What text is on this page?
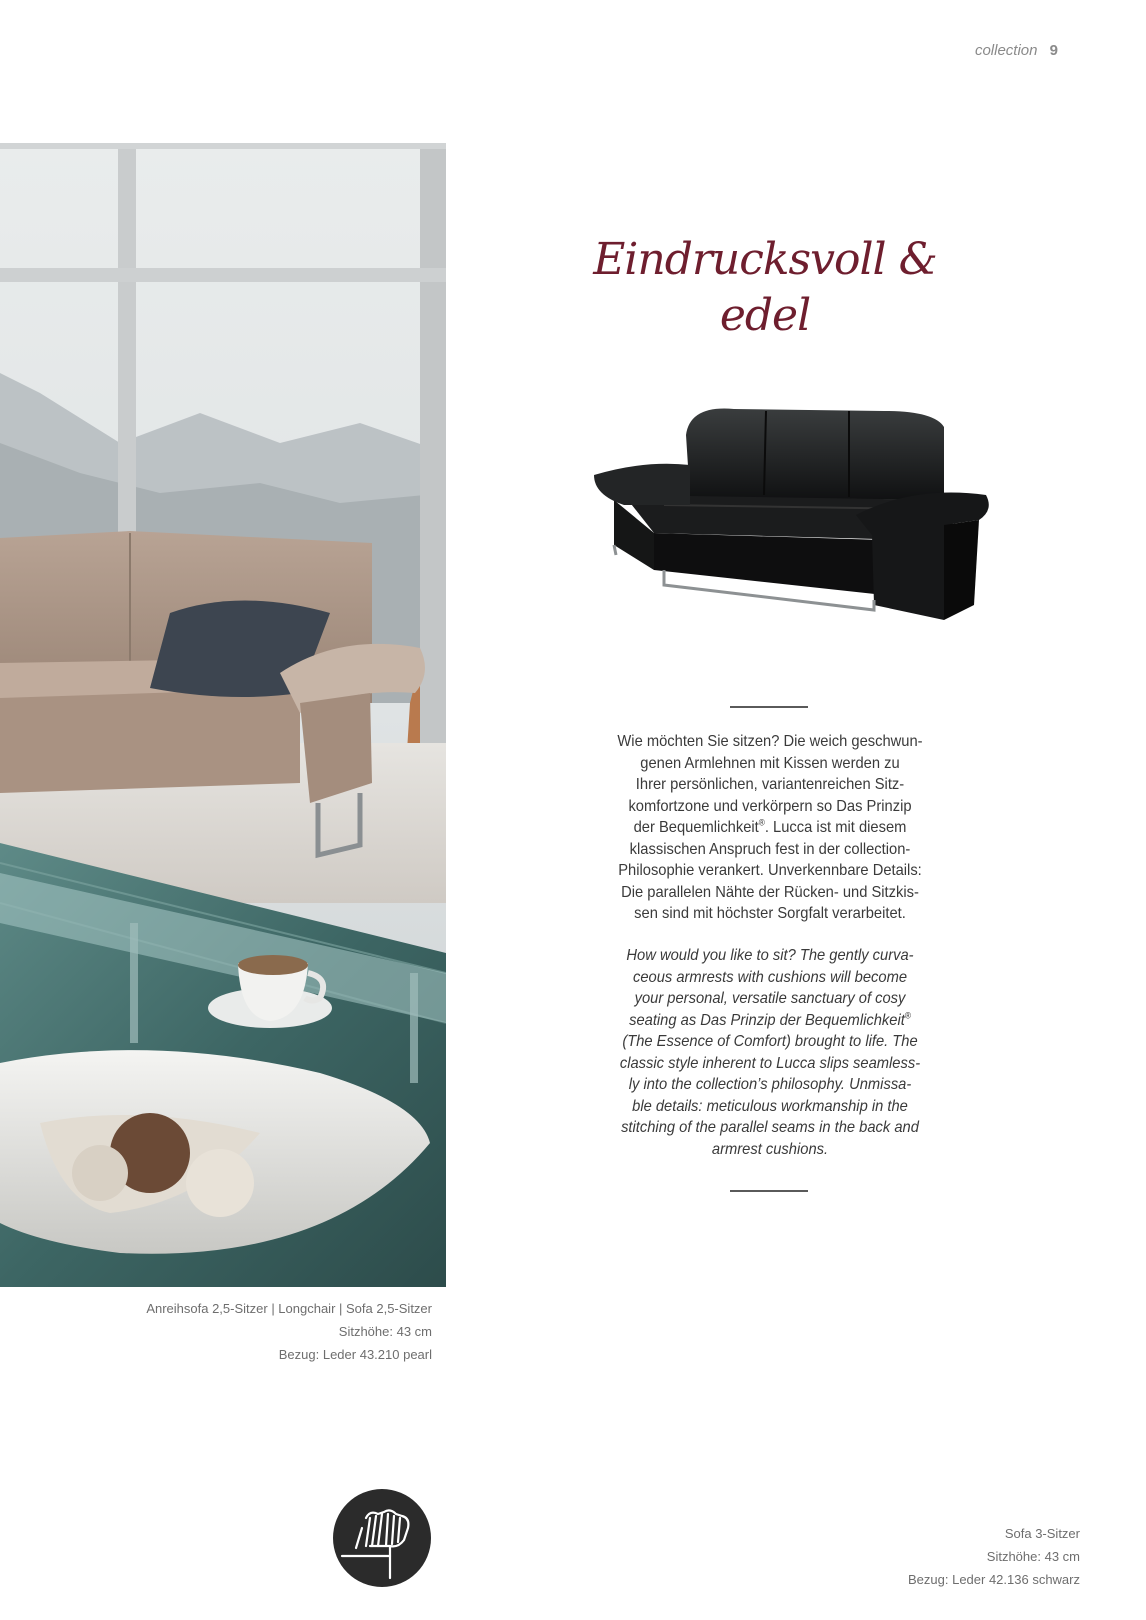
collection 9
Anreihsofa 2,5-Sitzer | Longchair | Sofa 2,5-Sitzer
Sitzhöhe: 43 cm
Bezug: Leder 43.210 pearl
Eindrucksvoll &
edel
Wie möchten Sie sitzen? Die weich geschwun-
genen Armlehnen mit Kissen werden zu
Ihrer persönlichen, variantenreichen Sitz-
komfortzone und verkörpern so Das Prinzip
der Bequemlichkeit®. Lucca ist mit diesem
klassischen Anspruch fest in der collection-
Philosophie verankert. Unverkennbare Details:
Die parallelen Nähte der Rücken- und Sitzkis-
sen sind mit höchster Sorgfalt verarbeitet.
How would you like to sit? The gently curva-
ceous armrests with cushions will become
your personal, versatile sanctuary of cosy
seating as Das Prinzip der Bequemlichkeit®
(The Essence of Comfort) brought to life. The
classic style inherent to Lucca slips seamless-
ly into the collection’s philosophy. Unmissa-
ble details: meticulous workmanship in the
stitching of the parallel seams in the back and
armrest cushions.
Sofa 3-Sitzer
Sitzhöhe: 43 cm
Bezug: Leder 42.136 schwarz
